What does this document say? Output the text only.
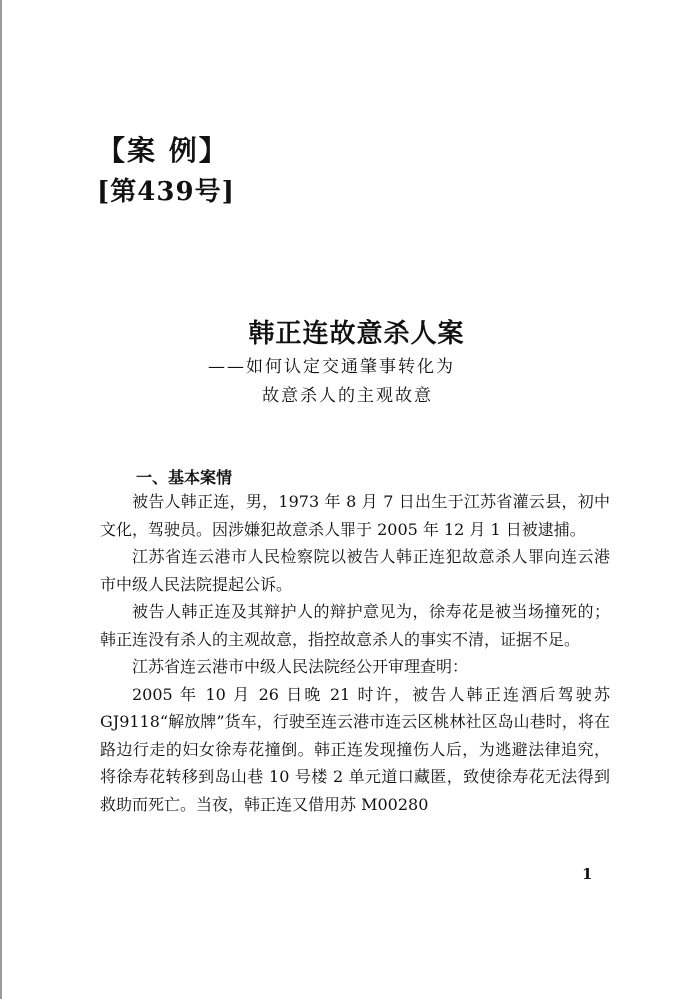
【案 例】
[第439号]
韩正连故意杀人案
——如何认定交通肇事转化为
故意杀人的主观故意
一、基本案情

被告人韩正连，男，1973 年 8 月 7 日出生于江苏省灌云县，初中文化，驾驶员。因涉嫌犯故意杀人罪于 2005 年 12 月 1 日被逮捕。

江苏省连云港市人民检察院以被告人韩正连犯故意杀人罪向连云港市中级人民法院提起公诉。

被告人韩正连及其辩护人的辩护意见为，徐寿花是被当场撞死的；韩正连没有杀人的主观故意，指控故意杀人的事实不清，证据不足。

江苏省连云港市中级人民法院经公开审理查明：

2005 年 10 月 26 日晚 21 时许，被告人韩正连酒后驾驶苏GJ9118“解放牌”货车，行驶至连云港市连云区桃林社区岛山巷时，将在路边行走的妇女徐寿花撞倒。韩正连发现撞伤人后，为逃避法律追究，将徐寿花转移到岛山巷 10 号楼 2 单元道口藏匿，致使徐寿花无法得到救助而死亡。当夜，韩正连又借用苏 M00280

1
